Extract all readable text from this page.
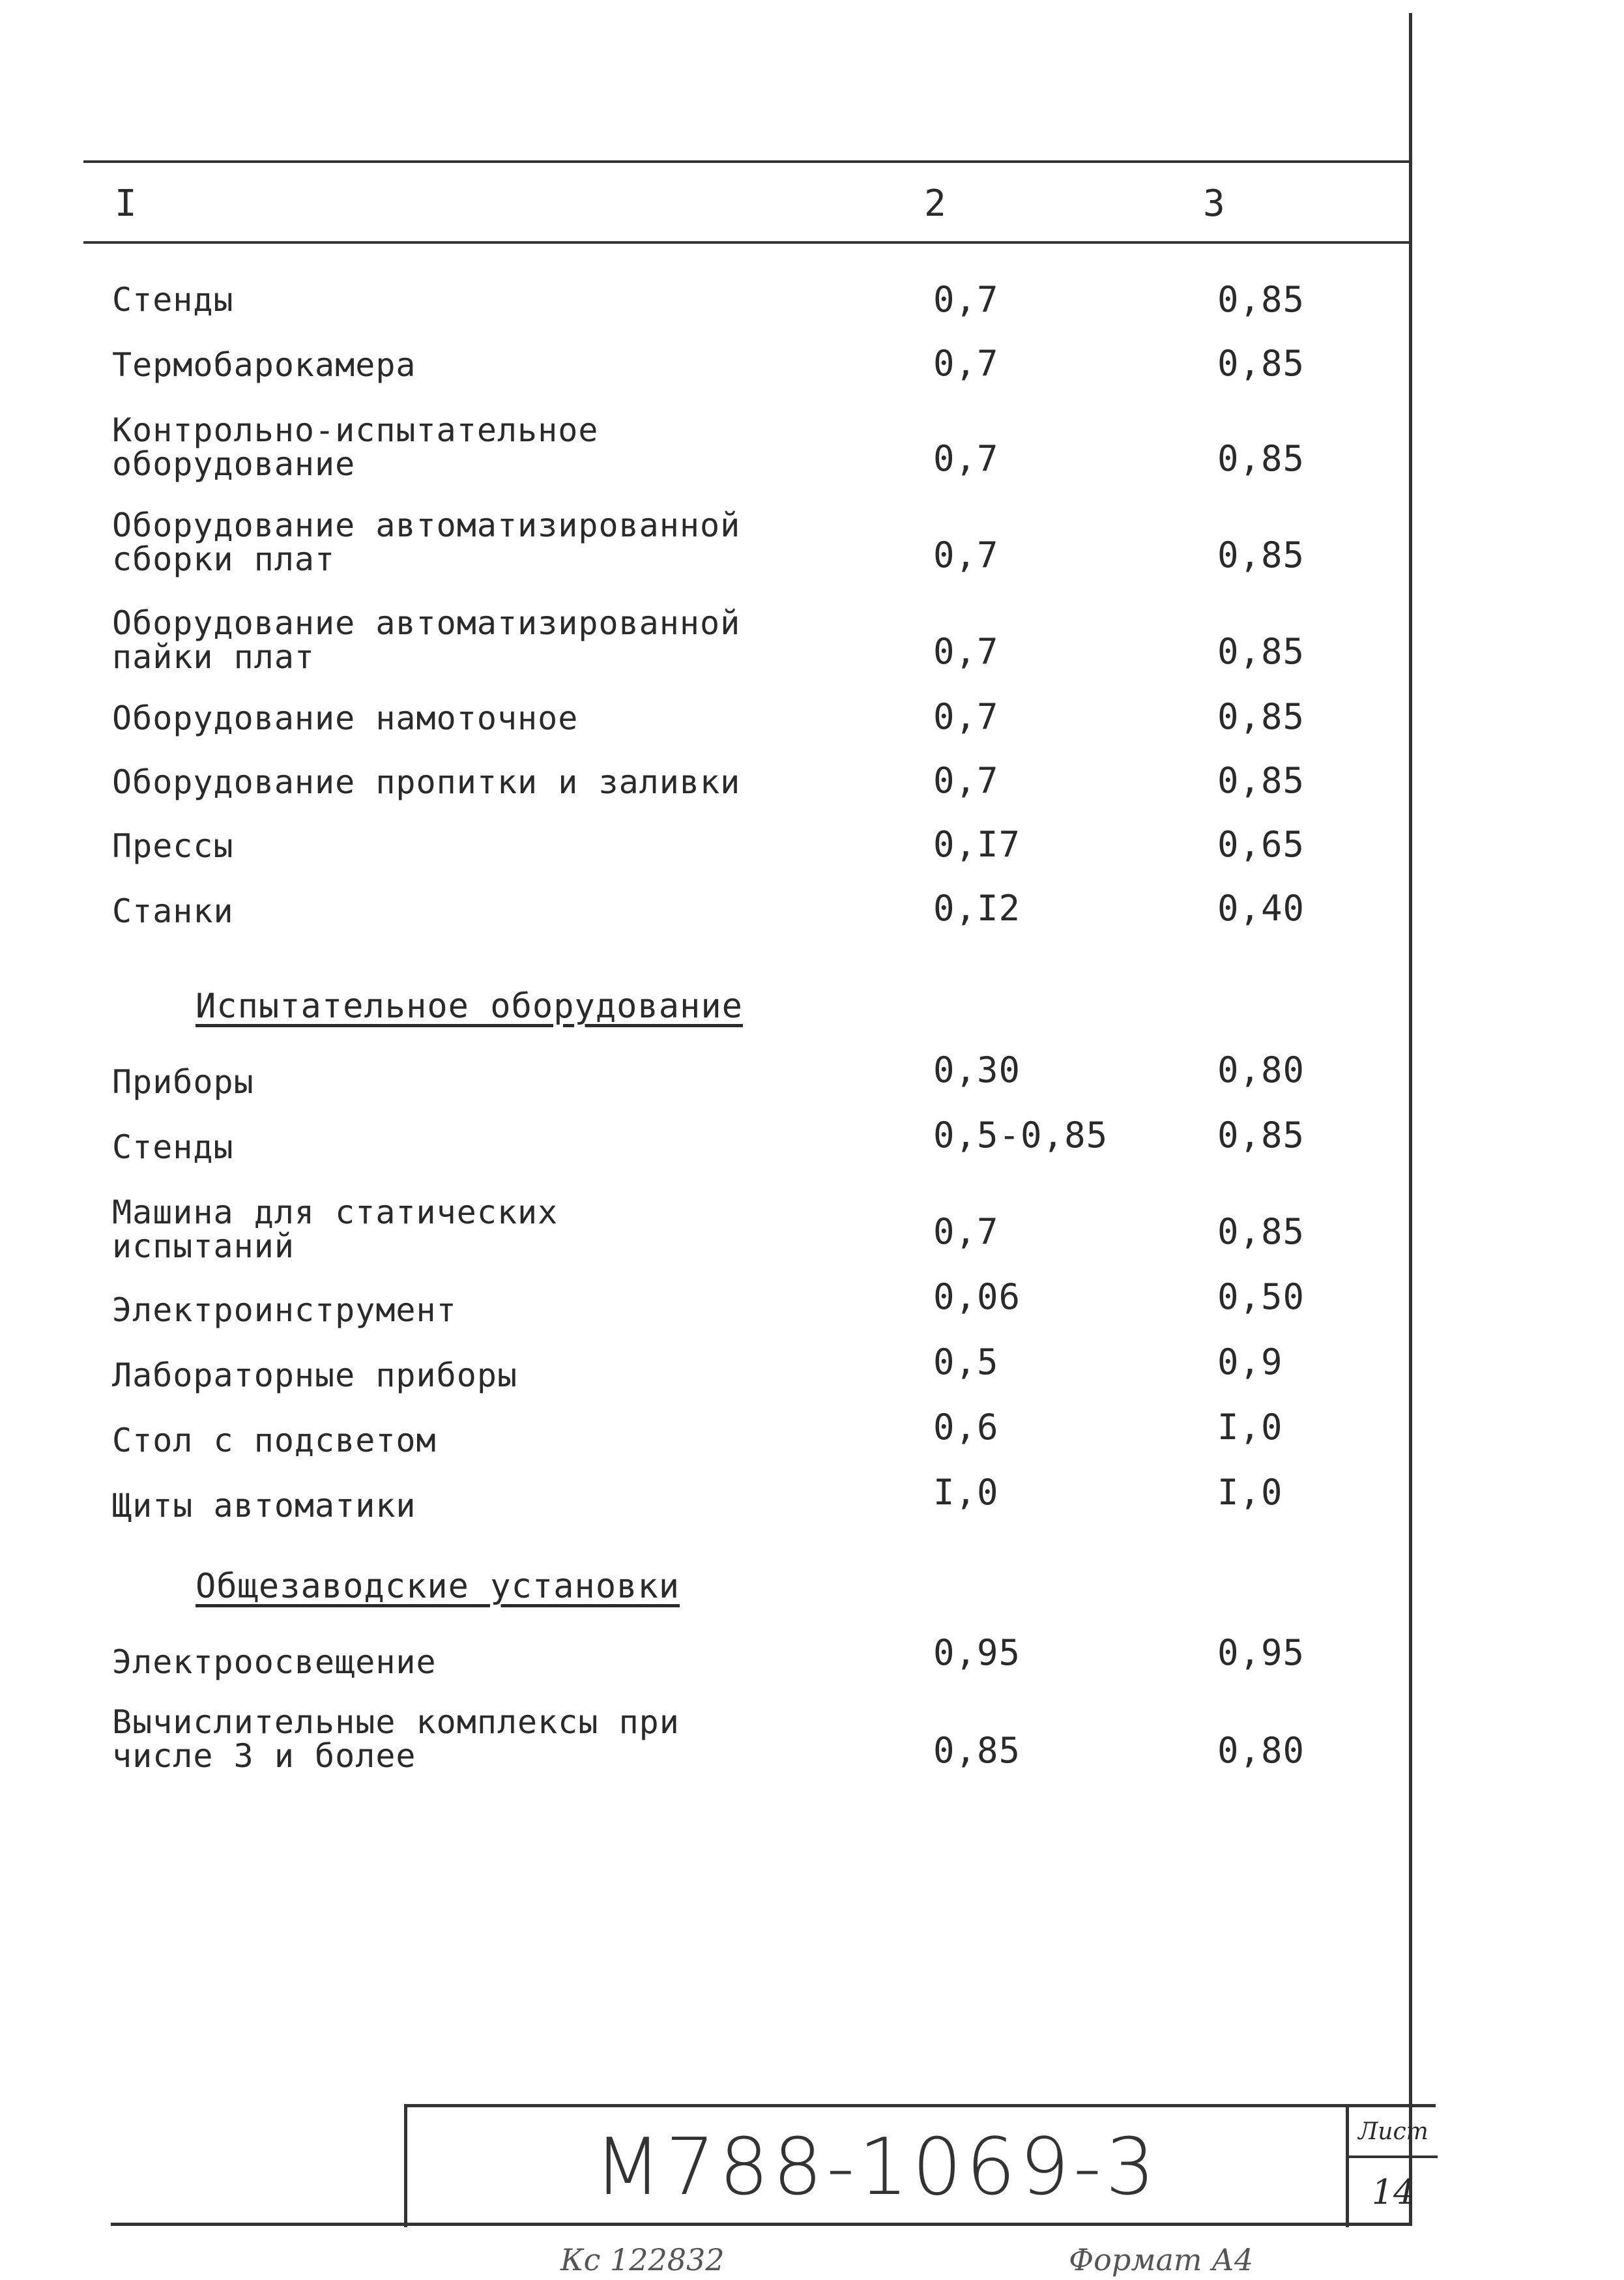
I	2	3
Стенды	0,7	0,85
Термобарокамера	0,7	0,85
Контрольно-испытательное
оборудование	0,7	0,85
Оборудование автоматизированной
сборки плат	0,7	0,85
Оборудование автоматизированной
пайки плат	0,7	0,85
Оборудование намоточное	0,7	0,85
Оборудование пропитки и заливки	0,7	0,85
Прессы	0,I7	0,65
Станки	0,I2	0,40
Испытательное оборудование
Приборы	0,30	0,80
Стенды	0,5-0,85	0,85
Машина для статических
испытаний	0,7	0,85
Электроинструмент	0,06	0,50
Лабораторные приборы	0,5	0,9
Стол с подсветом	0,6	I,0
Щиты автоматики	I,0	I,0
Общезаводские установки
Электроосвещение	0,95	0,95
Вычислительные комплексы при
числе 3 и более	0,85	0,80
М788-1069-3	Лист
14
Кс 122832	Формат А4
